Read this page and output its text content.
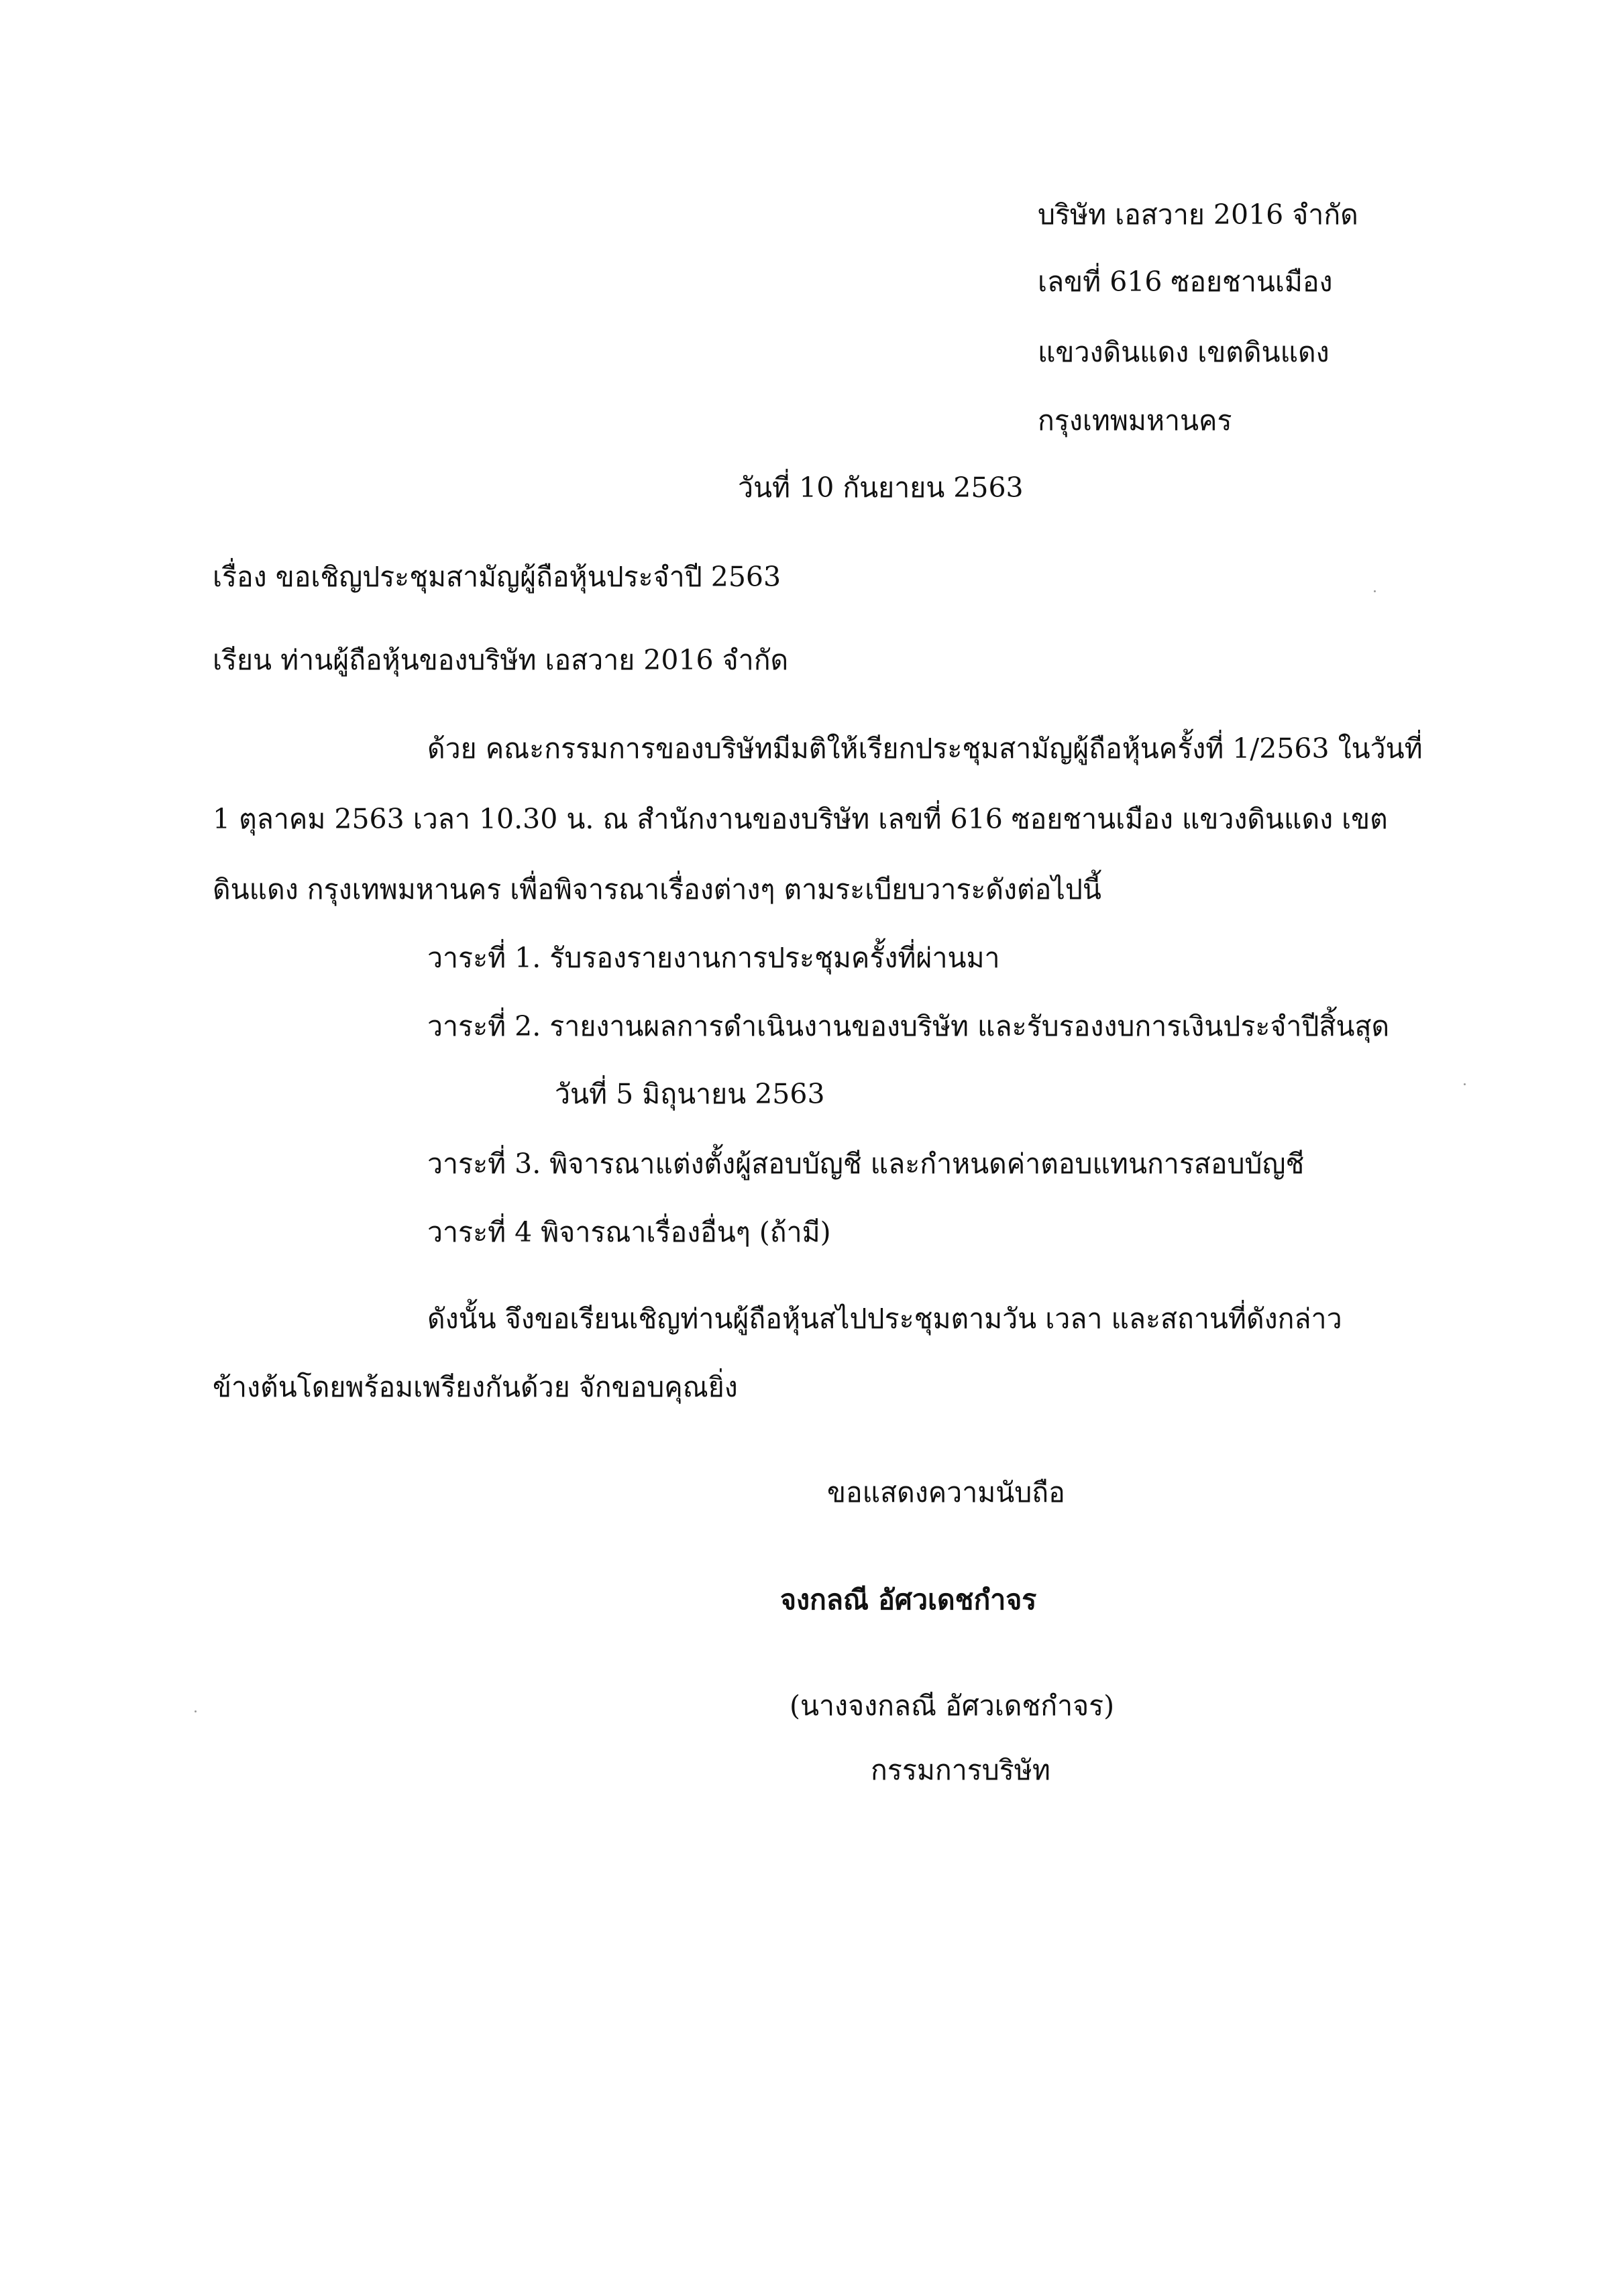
บริษัท เอสวาย 2016 จำกัด
เลขที่ 616 ซอยชานเมือง
แขวงดินแดง เขตดินแดง
กรุงเทพมหานคร
วันที่ 10 กันยายน 2563
เรื่อง ขอเชิญประชุมสามัญผู้ถือหุ้นประจำปี 2563
เรียน ท่านผู้ถือหุ้นของบริษัท เอสวาย 2016 จำกัด
ด้วย คณะกรรมการของบริษัทมีมติให้เรียกประชุมสามัญผู้ถือหุ้นครั้งที่ 1/2563 ในวันที่
1 ตุลาคม 2563 เวลา 10.30 น. ณ สำนักงานของบริษัท เลขที่ 616 ซอยชานเมือง แขวงดินแดง เขต
ดินแดง กรุงเทพมหานคร เพื่อพิจารณาเรื่องต่างๆ ตามระเบียบวาระดังต่อไปนี้
วาระที่ 1. รับรองรายงานการประชุมครั้งที่ผ่านมา
วาระที่ 2. รายงานผลการดำเนินงานของบริษัท และรับรองงบการเงินประจำปีสิ้นสุด
วันที่ 5 มิถุนายน 2563
วาระที่ 3. พิจารณาแต่งตั้งผู้สอบบัญชี และกำหนดค่าตอบแทนการสอบบัญชี
วาระที่ 4 พิจารณาเรื่องอื่นๆ (ถ้ามี)
ดังนั้น จึงขอเรียนเชิญท่านผู้ถือหุ้นสไปประชุมตามวัน เวลา และสถานที่ดังกล่าว
ข้างต้นโดยพร้อมเพรียงกันด้วย จักขอบคุณยิ่ง
ขอแสดงความนับถือ
จงกลณี อัศวเดชกำจร
(นางจงกลณี อัศวเดชกำจร)
กรรมการบริษัท
